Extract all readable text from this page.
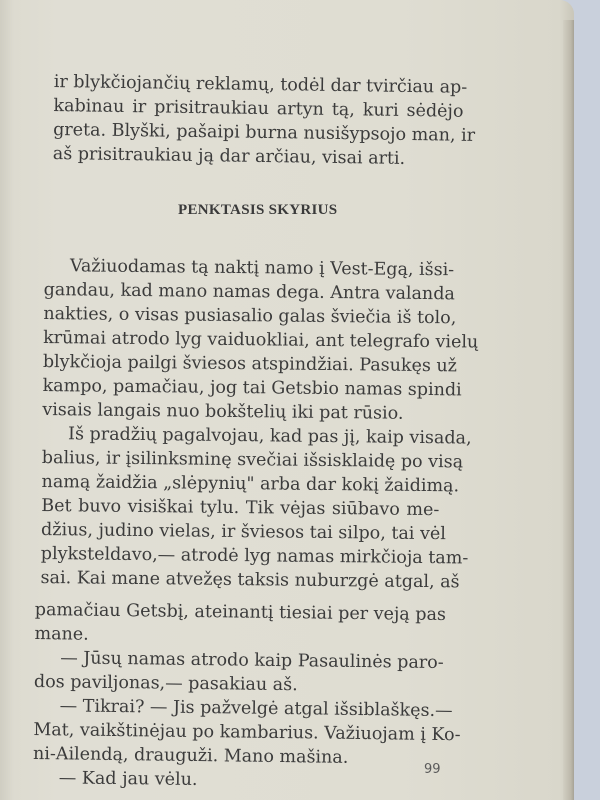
ir blykčiojančių reklamų, todėl dar tvirčiau ap-
kabinau ir prisitraukiau artyn tą, kuri sėdėjo
greta. Blyški, pašaipi burna nusišypsojo man, ir
aš prisitraukiau ją dar arčiau, visai arti.
PENKTASIS SKYRIUS
Važiuodamas tą naktį namo į Vest-Egą, išsi-
gandau, kad mano namas dega. Antra valanda
nakties, o visas pusiasalio galas šviečia iš tolo,
krūmai atrodo lyg vaiduokliai, ant telegrafo vielų
blykčioja pailgi šviesos atspindžiai. Pasukęs už
kampo, pamačiau, jog tai Getsbio namas spindi
visais langais nuo bokštelių iki pat rūsio.
Iš pradžių pagalvojau, kad pas jį, kaip visada,
balius, ir įsilinksminę svečiai išsisklaidę po visą
namą žaidžia „slėpynių" arba dar kokį žaidimą.
Bet buvo visiškai tylu. Tik vėjas siūbavo me-
džius, judino vielas, ir šviesos tai silpo, tai vėl
plyksteldavo,— atrodė lyg namas mirkčioja tam-
sai. Kai mane atvežęs taksis nuburzgė atgal, aš
pamačiau Getsbį, ateinantį tiesiai per veją pas
mane.
— Jūsų namas atrodo kaip Pasaulinės paro-
dos paviljonas,— pasakiau aš.
— Tikrai? — Jis pažvelgė atgal išsiblaškęs.—
Mat, vaikštinėjau po kambarius. Važiuojam į Ko-
ni-Ailendą, drauguži. Mano mašina.
— Kad jau vėlu.	99
